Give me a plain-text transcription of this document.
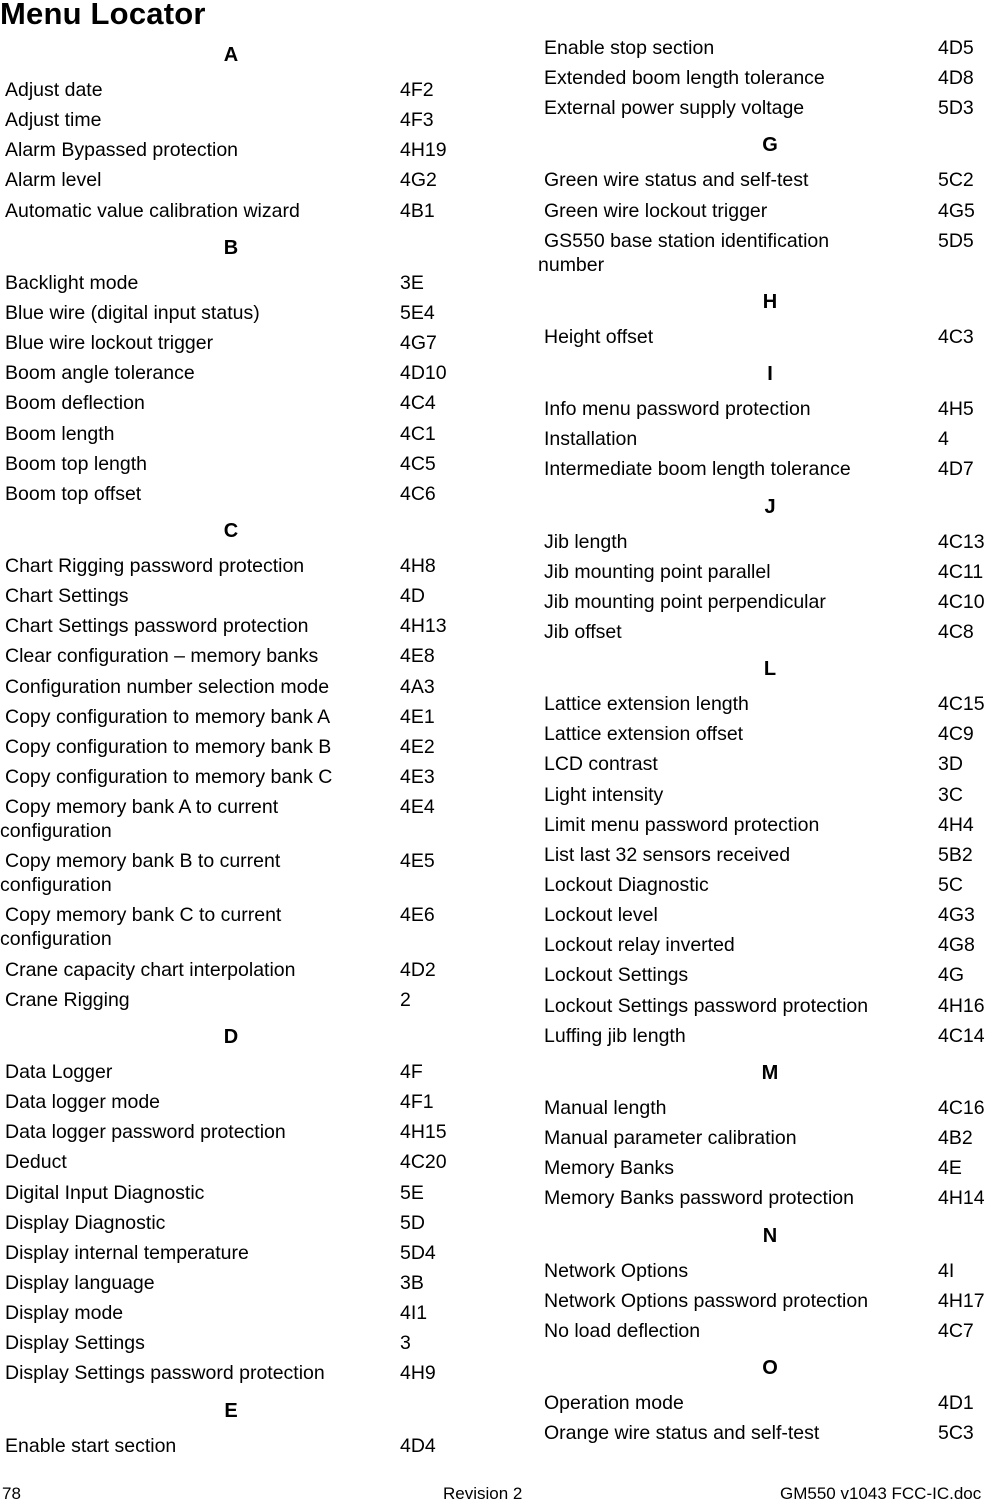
Menu Locator
A
Adjust date	4F2
Adjust time	4F3
Alarm Bypassed protection	4H19
Alarm level	4G2
Automatic value calibration wizard	4B1
B
Backlight mode	3E
Blue wire (digital input status)	5E4
Blue wire lockout trigger	4G7
Boom angle tolerance	4D10
Boom deflection	4C4
Boom length	4C1
Boom top length	4C5
Boom top offset	4C6
C
Chart Rigging password protection	4H8
Chart Settings	4D
Chart Settings password protection	4H13
Clear configuration – memory banks	4E8
Configuration number selection mode	4A3
Copy configuration to memory bank A	4E1
Copy configuration to memory bank B	4E2
Copy configuration to memory bank C	4E3
Copy memory bank A to current	4E4
configuration
Copy memory bank B to current	4E5
configuration
Copy memory bank C to current	4E6
configuration
Crane capacity chart interpolation	4D2
Crane Rigging	2
D
Data Logger	4F
Data logger mode	4F1
Data logger password protection	4H15
Deduct	4C20
Digital Input Diagnostic	5E
Display Diagnostic	5D
Display internal temperature	5D4
Display language	3B
Display mode	4I1
Display Settings	3
Display Settings password protection	4H9
E
Enable start section	4D4
Enable stop section	4D5
Extended boom length tolerance	4D8
External power supply voltage	5D3
G
Green wire status and self-test	5C2
Green wire lockout trigger	4G5
GS550 base station identification	5D5
number
H
Height offset	4C3
I
Info menu password protection	4H5
Installation	4
Intermediate boom length tolerance	4D7
J
Jib length	4C13
Jib mounting point parallel	4C11
Jib mounting point perpendicular	4C10
Jib offset	4C8
L
Lattice extension length	4C15
Lattice extension offset	4C9
LCD contrast	3D
Light intensity	3C
Limit menu password protection	4H4
List last 32 sensors received	5B2
Lockout Diagnostic	5C
Lockout level	4G3
Lockout relay inverted	4G8
Lockout Settings	4G
Lockout Settings password protection	4H16
Luffing jib length	4C14
M
Manual length	4C16
Manual parameter calibration	4B2
Memory Banks	4E
Memory Banks password protection	4H14
N
Network Options	4I
Network Options password protection	4H17
No load deflection	4C7
O
Operation mode	4D1
Orange wire status and self-test	5C3
78	Revision 2	GM550 v1043 FCC-IC.doc
